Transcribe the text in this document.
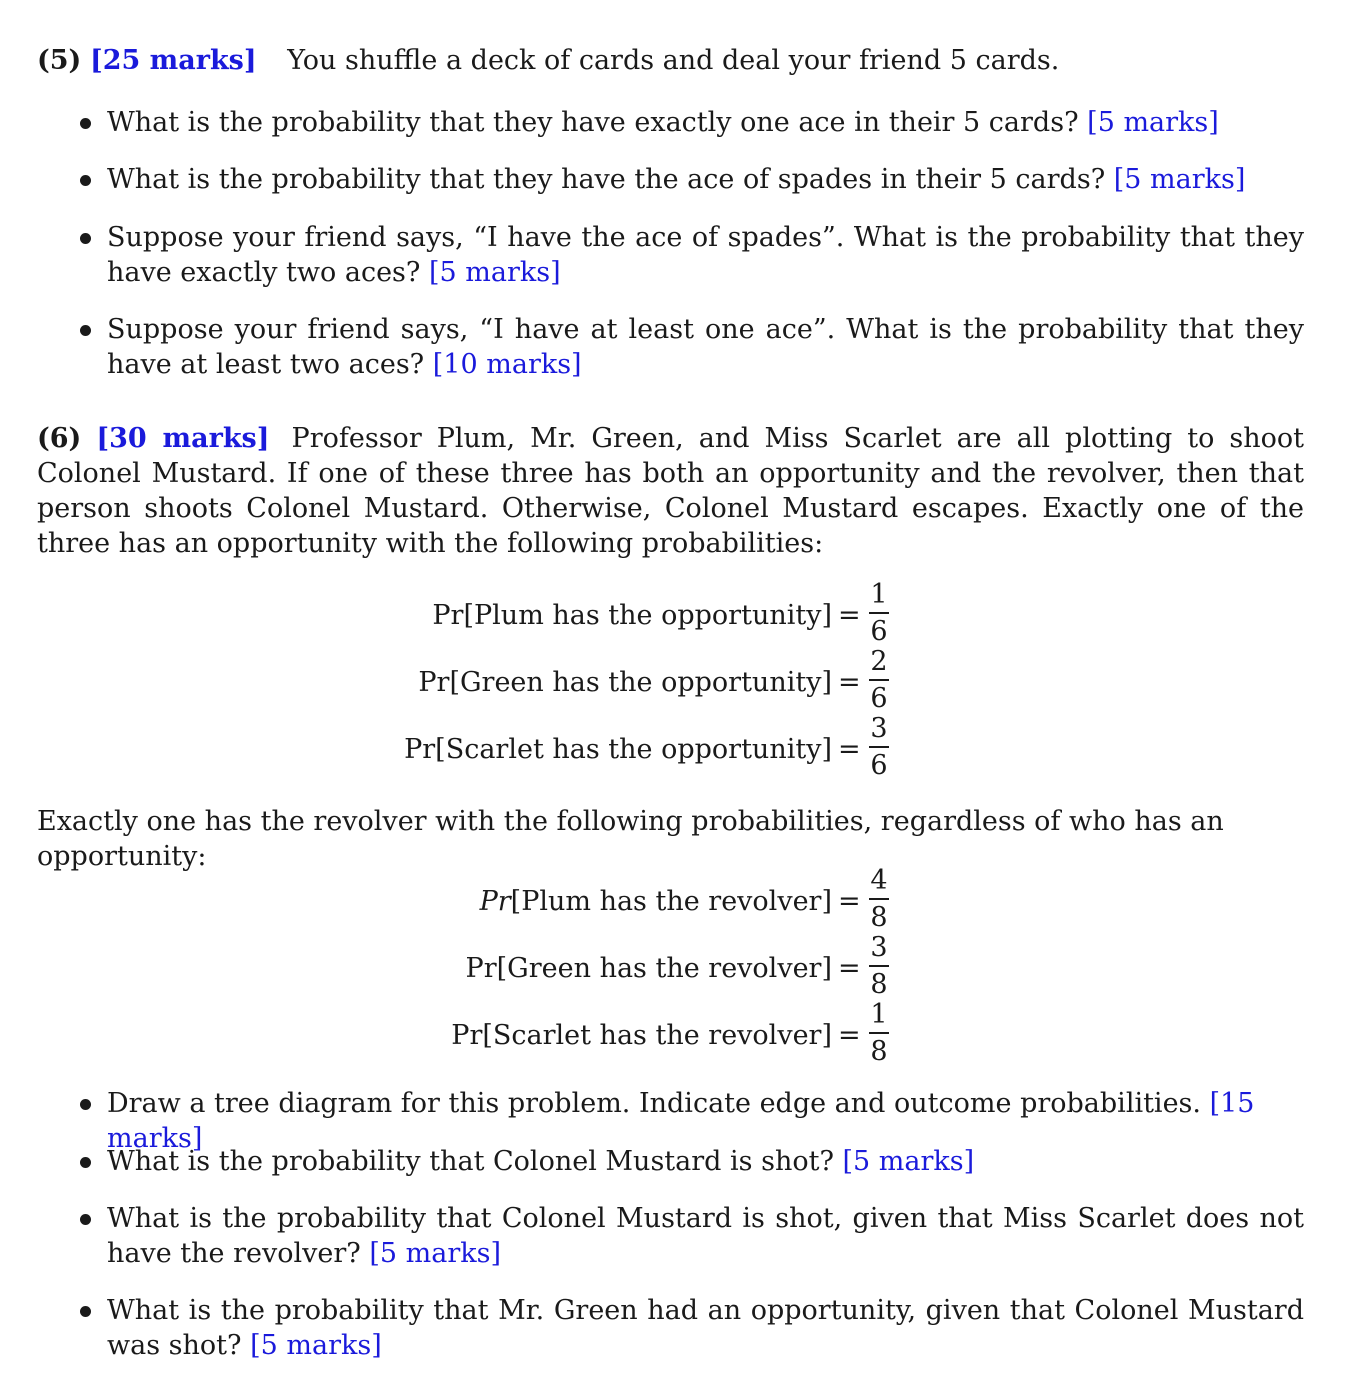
(5) [25 marks] You shuffle a deck of cards and deal your friend 5 cards.
What is the probability that they have exactly one ace in their 5 cards? [5 marks]
What is the probability that they have the ace of spades in their 5 cards? [5 marks]
Suppose your friend says, “I have the ace of spades”. What is the probability that they have exactly two aces? [5 marks]
Suppose your friend says, “I have at least one ace”. What is the probability that they have at least two aces? [10 marks]
(6) [30 marks] Professor Plum, Mr. Green, and Miss Scarlet are all plotting to shoot Colonel Mustard. If one of these three has both an opportunity and the revolver, then that person shoots Colonel Mustard. Otherwise, Colonel Mustard escapes. Exactly one of the three has an opportunity with the following probabilities:
Pr[Plum has the opportunity] =
1
6
Pr[Green has the opportunity] =
2
6
Pr[Scarlet has the opportunity] =
3
6
Exactly one has the revolver with the following probabilities, regardless of who has an opportunity:
Pr[Plum has the revolver] =
4
8
Pr[Green has the revolver] =
3
8
Pr[Scarlet has the revolver] =
1
8
Draw a tree diagram for this problem. Indicate edge and outcome probabilities. [15 marks]
What is the probability that Colonel Mustard is shot? [5 marks]
What is the probability that Colonel Mustard is shot, given that Miss Scarlet does not have the revolver? [5 marks]
What is the probability that Mr. Green had an opportunity, given that Colonel Mustard was shot? [5 marks]
